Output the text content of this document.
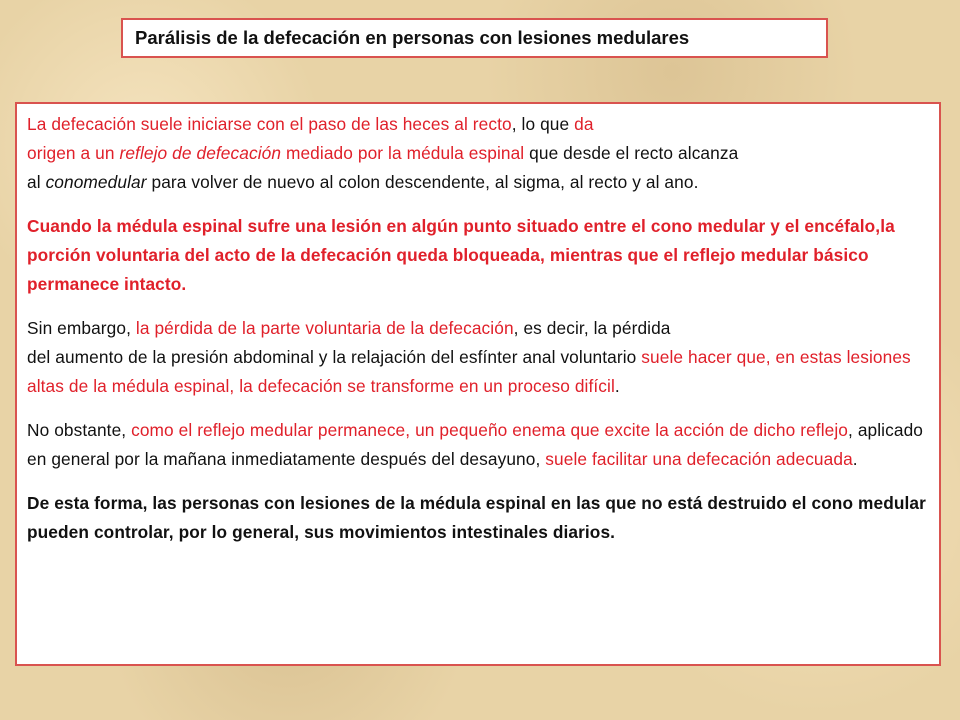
Parálisis de la defecación en personas con lesiones medulares

La defecación suele iniciarse con el paso de las heces al recto, lo que da
origen a un reflejo de defecación mediado por la médula espinal que desde el recto alcanza
al conomedular para volver de nuevo al colon descendente, al sigma, al recto y al ano.

Cuando la médula espinal sufre una lesión en algún punto situado entre el cono medular y el encéfalo,la porción voluntaria del acto de la defecación queda bloqueada, mientras que el reflejo medular básico permanece intacto.

Sin embargo, la pérdida de la parte voluntaria de la defecación, es decir, la pérdida
del aumento de la presión abdominal y la relajación del esfínter anal voluntario suele hacer que, en estas lesiones altas de la médula espinal, la defecación se transforme en un proceso difícil.

No obstante, como el reflejo medular permanece, un pequeño enema que excite la acción de dicho reflejo, aplicado en general por la mañana inmediatamente después del desayuno, suele facilitar una defecación adecuada.

De esta forma, las personas con lesiones de la médula espinal en las que no está destruido el cono medular pueden controlar, por lo general, sus movimientos intestinales diarios.
